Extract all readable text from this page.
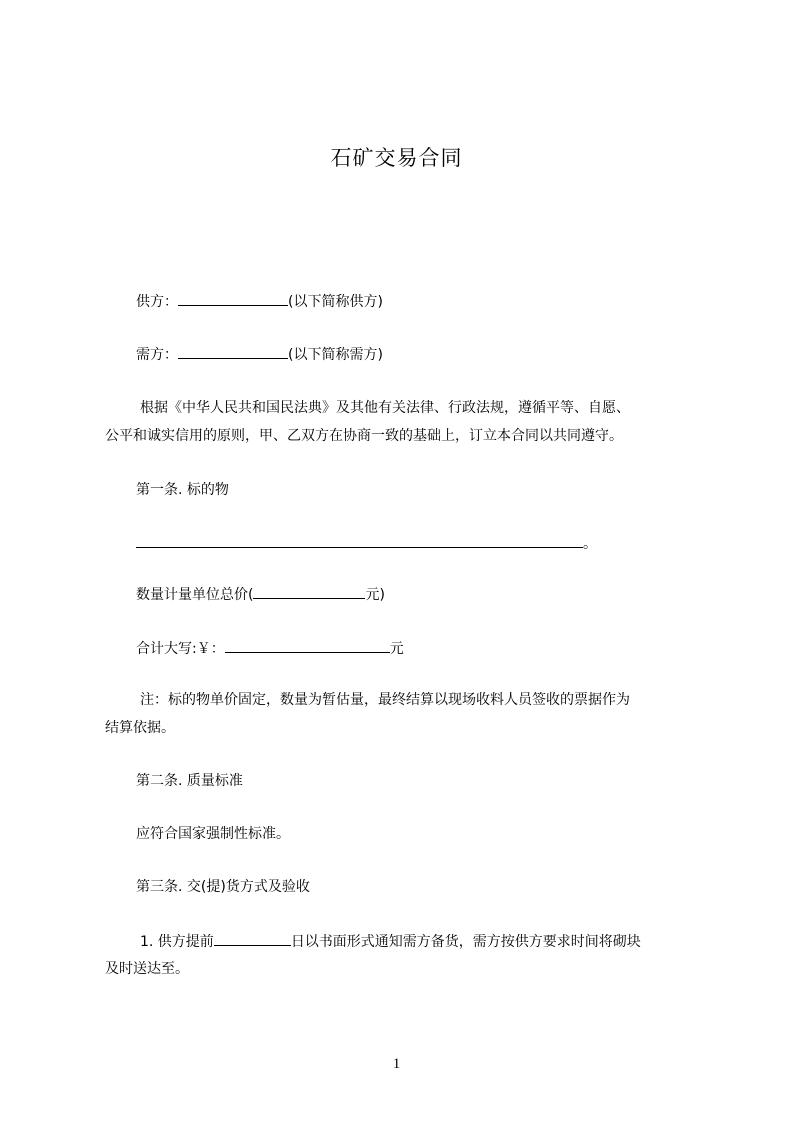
石矿交易合同
供方：	(以下简称供方)
需方：	(以下简称需方)
根据《中华人民共和国民法典》及其他有关法律、行政法规，遵循平等、自愿、
公平和诚实信用的原则，甲、乙双方在协商一致的基础上，订立本合同以共同遵守。
第一条. 标的物
。
数量计量单位总价(	元)
合计大写:￥：	元
注：标的物单价固定，数量为暂估量，最终结算以现场收料人员签收的票据作为
结算依据。
第二条. 质量标准
应符合国家强制性标准。
第三条. 交(提)货方式及验收
1. 供方提前	日以书面形式通知需方备货，需方按供方要求时间将砌块
及时送达至。
1
